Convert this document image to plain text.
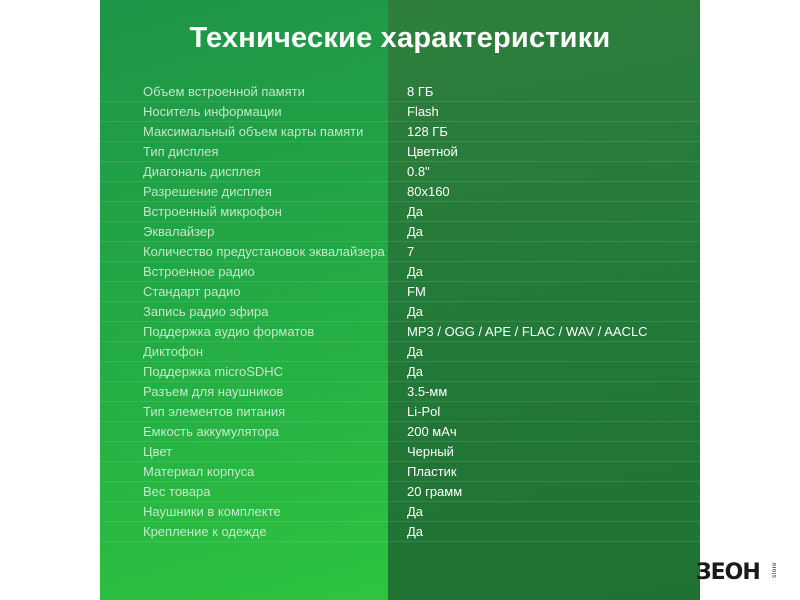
Технические характеристики
Объем встроенной памяти	8 ГБ
Носитель информации	Flash
Максимальный объем карты памяти	128 ГБ
Тип дисплея	Цветной
Диагональ дисплея	0.8"
Разрешение дисплея	80x160
Встроенный микрофон	Да
Эквалайзер	Да
Количество предустановок эквалайзера 7
Встроенное радио	Да
Стандарт радио	FM
Запись радио эфира	Да
Поддержка аудио форматов	MP3 / OGG / APE / FLAC / WAV / AACLC
Диктофон	Да
Поддержка microSDHC	Да
Разъем для наушников	3.5-мм
Тип элементов питания	Li-Pol
Емкость аккумулятора	200 мАч
Цвет	Черный
Материал корпуса	Пластик
Вес товара	20 грамм
Наушники в комплекте	Да
Крепление к одежде	Да
ЗЕОН store
